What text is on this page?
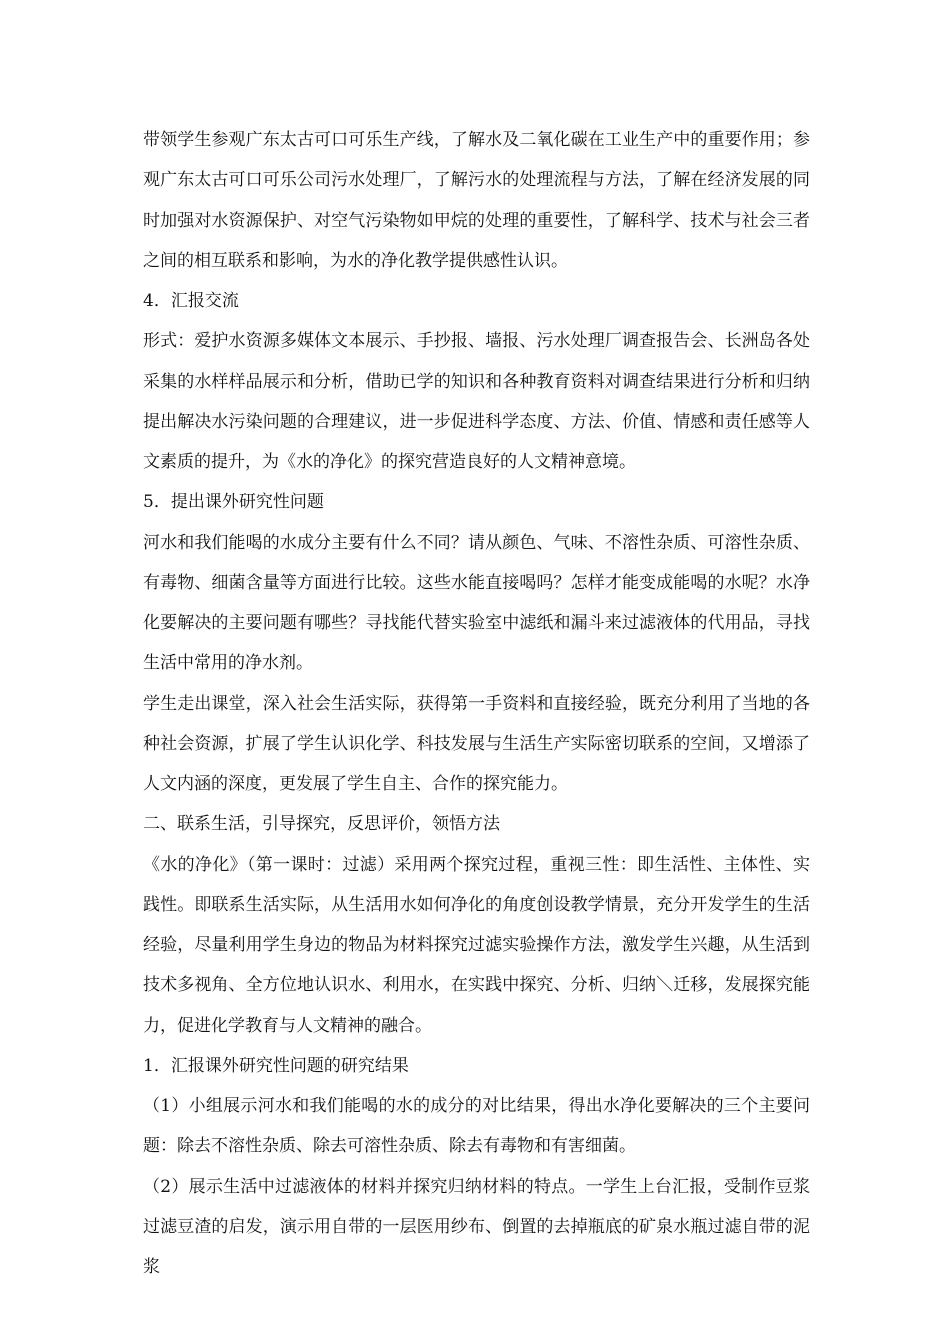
带领学生参观广东太古可口可乐生产线，了解水及二氧化碳在工业生产中的重要作用；参观广东太古可口可乐公司污水处理厂，了解污水的处理流程与方法，了解在经济发展的同时加强对水资源保护、对空气污染物如甲烷的处理的重要性，了解科学、技术与社会三者之间的相互联系和影响，为水的净化教学提供感性认识。

4．汇报交流

形式：爱护水资源多媒体文本展示、手抄报、墙报、污水处理厂调查报告会、长洲岛各处采集的水样样品展示和分析，借助已学的知识和各种教育资料对调查结果进行分析和归纳提出解决水污染问题的合理建议，进一步促进科学态度、方法、价值、情感和责任感等人文素质的提升，为《水的净化》的探究营造良好的人文精神意境。

5．提出课外研究性问题

河水和我们能喝的水成分主要有什么不同？请从颜色、气味、不溶性杂质、可溶性杂质、有毒物、细菌含量等方面进行比较。这些水能直接喝吗？怎样才能变成能喝的水呢？水净化要解决的主要问题有哪些？寻找能代替实验室中滤纸和漏斗来过滤液体的代用品，寻找生活中常用的净水剂。

学生走出课堂，深入社会生活实际，获得第一手资料和直接经验，既充分利用了当地的各种社会资源，扩展了学生认识化学、科技发展与生活生产实际密切联系的空间，又增添了人文内涵的深度，更发展了学生自主、合作的探究能力。

二、联系生活，引导探究，反思评价，领悟方法

《水的净化》（第一课时：过滤）采用两个探究过程，重视三性：即生活性、主体性、实践性。即联系生活实际，从生活用水如何净化的角度创设教学情景，充分开发学生的生活经验，尽量利用学生身边的物品为材料探究过滤实验操作方法，激发学生兴趣，从生活到技术多视角、全方位地认识水、利用水，在实践中探究、分析、归纳＼迁移，发展探究能力，促进化学教育与人文精神的融合。

1．汇报课外研究性问题的研究结果

（1）小组展示河水和我们能喝的水的成分的对比结果，得出水净化要解决的三个主要问题：除去不溶性杂质、除去可溶性杂质、除去有毒物和有害细菌。

（2）展示生活中过滤液体的材料并探究归纳材料的特点。一学生上台汇报，受制作豆浆过滤豆渣的启发，演示用自带的一层医用纱布、倒置的去掉瓶底的矿泉水瓶过滤自带的泥浆
